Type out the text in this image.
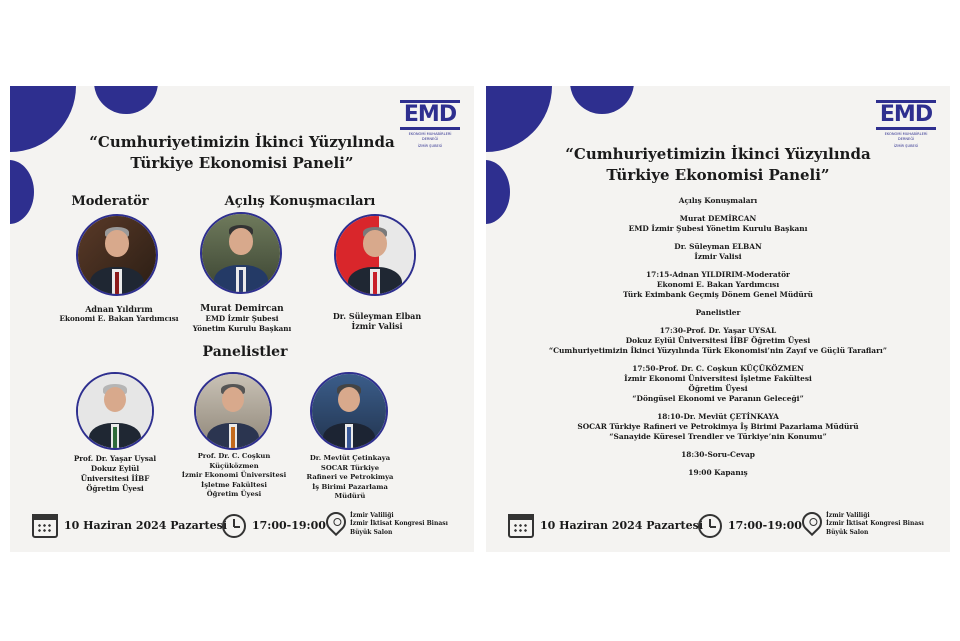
EMD
EKONOMİ MUHABİRLERİ DERNEĞİ
İZMİR ŞUBESİ
“Cumhuriyetimizin İkinci Yüzyılında
Türkiye Ekonomisi Paneli”
Moderatör	Açılış Konuşmacıları
Adnan Yıldırım
Ekonomi E. Bakan Yardımcısı
Murat Demircan
EMD İzmir Şubesi
Yönetim Kurulu Başkanı
Dr. Süleyman Elban
İzmir Valisi
Panelistler
Prof. Dr. Yaşar Uysal
Dokuz Eylül
Üniversitesi İİBF
Öğretim Üyesi
Prof. Dr. C. Coşkun
Küçüközmen
İzmir Ekonomi Üniversitesi
İşletme Fakültesi
Öğretim Üyesi
Dr. Mevlüt Çetinkaya
SOCAR Türkiye
Rafineri ve Petrokimya
İş Birimi Pazarlama
Müdürü
10 Haziran 2024 Pazartesi 17:00-19:00
İzmir Valiliği
İzmir İktisat Kongresi Binası
Büyük Salon
EMD
EKONOMİ MUHABİRLERİ DERNEĞİ
İZMİR ŞUBESİ
“Cumhuriyetimizin İkinci Yüzyılında
Türkiye Ekonomisi Paneli”
Açılış Konuşmaları
Murat DEMİRCAN
EMD İzmir Şubesi Yönetim Kurulu Başkanı
Dr. Süleyman ELBAN
İzmir Valisi
17:15-Adnan YILDIRIM-Moderatör
Ekonomi E. Bakan Yardımcısı
Türk Eximbank Geçmiş Dönem Genel Müdürü
Panelistler
17:30-Prof. Dr. Yaşar UYSAL
Dokuz Eylül Üniversitesi İİBF Öğretim Üyesi
“Cumhuriyetimizin İkinci Yüzyılında Türk Ekonomisi’nin Zayıf ve Güçlü Tarafları”
17:50-Prof. Dr. C. Coşkun KÜÇÜKÖZMEN
İzmir Ekonomi Üniversitesi İşletme Fakültesi
Öğretim Üyesi
“Döngüsel Ekonomi ve Paranın Geleceği”
18:10-Dr. Mevlüt ÇETİNKAYA
SOCAR Türkiye Rafineri ve Petrokimya İş Birimi Pazarlama Müdürü
“Sanayide Küresel Trendler ve Türkiye’nin Konumu”
18:30-Soru-Cevap
19:00 Kapanış
10 Haziran 2024 Pazartesi 17:00-19:00
İzmir Valiliği
İzmir İktisat Kongresi Binası
Büyük Salon
